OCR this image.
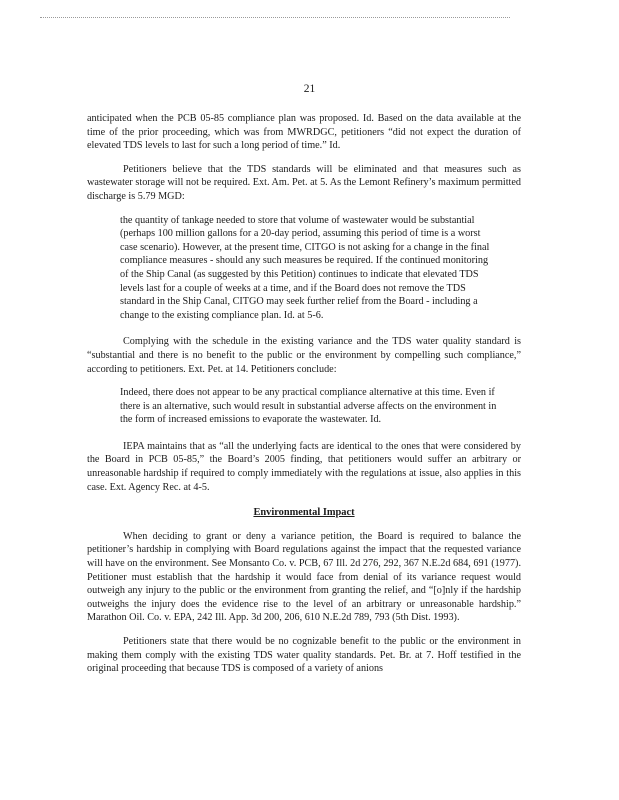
21

anticipated when the PCB 05-85 compliance plan was proposed. Id. Based on the data available at the time of the prior proceeding, which was from MWRDGC, petitioners “did not expect the duration of elevated TDS levels to last for such a long period of time.” Id.

Petitioners believe that the TDS standards will be eliminated and that measures such as wastewater storage will not be required. Ext. Am. Pet. at 5. As the Lemont Refinery’s maximum permitted discharge is 5.79 MGD:

the quantity of tankage needed to store that volume of wastewater would be substantial (perhaps 100 million gallons for a 20-day period, assuming this period of time is a worst case scenario). However, at the present time, CITGO is not asking for a change in the final compliance measures - should any such measures be required. If the continued monitoring of the Ship Canal (as suggested by this Petition) continues to indicate that elevated TDS levels last for a couple of weeks at a time, and if the Board does not remove the TDS standard in the Ship Canal, CITGO may seek further relief from the Board - including a change to the existing compliance plan. Id. at 5-6.

Complying with the schedule in the existing variance and the TDS water quality standard is “substantial and there is no benefit to the public or the environment by compelling such compliance,” according to petitioners. Ext. Pet. at 14. Petitioners conclude:

Indeed, there does not appear to be any practical compliance alternative at this time. Even if there is an alternative, such would result in substantial adverse affects on the environment in the form of increased emissions to evaporate the wastewater. Id.

IEPA maintains that as “all the underlying facts are identical to the ones that were considered by the Board in PCB 05-85,” the Board’s 2005 finding, that petitioners would suffer an arbitrary or unreasonable hardship if required to comply immediately with the regulations at issue, also applies in this case. Ext. Agency Rec. at 4-5.

Environmental Impact

When deciding to grant or deny a variance petition, the Board is required to balance the petitioner’s hardship in complying with Board regulations against the impact that the requested variance will have on the environment. See Monsanto Co. v. PCB, 67 Ill. 2d 276, 292, 367 N.E.2d 684, 691 (1977). Petitioner must establish that the hardship it would face from denial of its variance request would outweigh any injury to the public or the environment from granting the relief, and “[o]nly if the hardship outweighs the injury does the evidence rise to the level of an arbitrary or unreasonable hardship.” Marathon Oil. Co. v. EPA, 242 Ill. App. 3d 200, 206, 610 N.E.2d 789, 793 (5th Dist. 1993).

Petitioners state that there would be no cognizable benefit to the public or the environment in making them comply with the existing TDS water quality standards. Pet. Br. at 7. Hoff testified in the original proceeding that because TDS is composed of a variety of anions
